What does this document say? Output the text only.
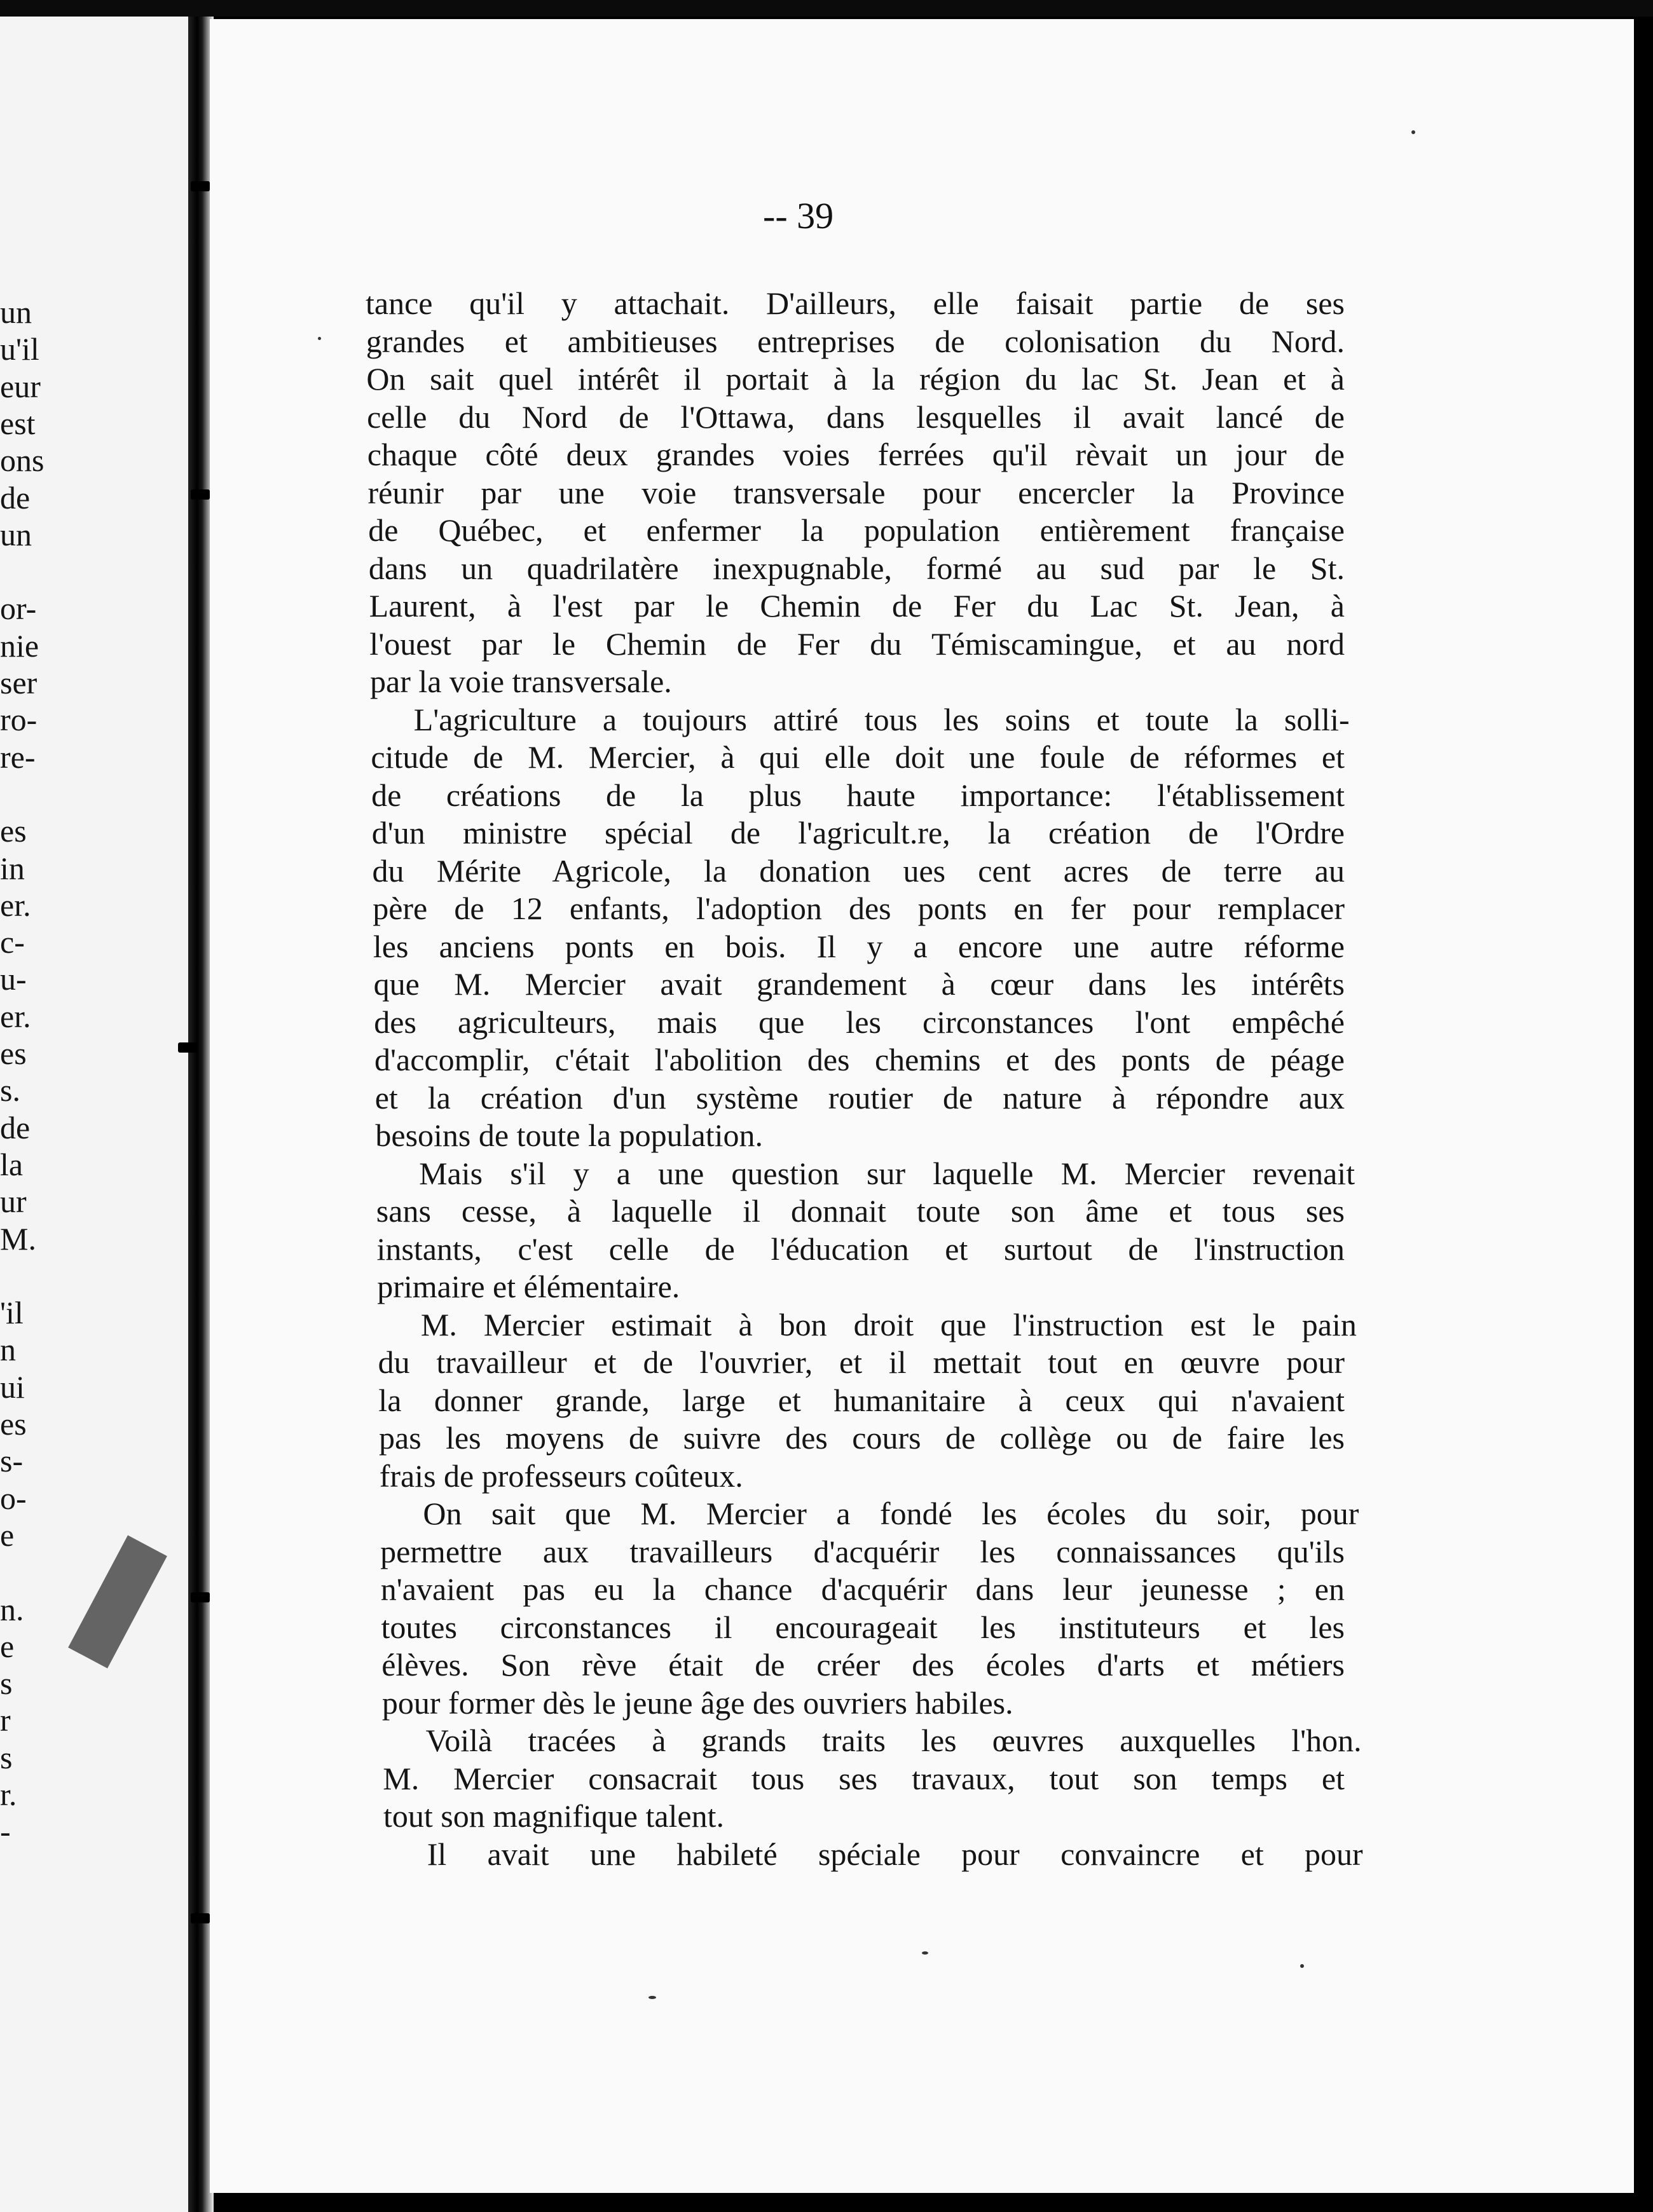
un
u'il
eur
est
ons
de
un
or-
nie
ser
ro-
re-
es
in
er.
c-
u-
er.
es
s.
de
la
ur
M.
'il
n
ui
es
s-
o-
e
n.
e
s
r
s
r.
-
-- 39
tance qu'il y attachait. D'ailleurs, elle faisait partie de ses
grandes et ambitieuses entreprises de colonisation du Nord.
On sait quel intérêt il portait à la région du lac St. Jean et à
celle du Nord de l'Ottawa, dans lesquelles il avait lancé de
chaque côté deux grandes voies ferrées qu'il rèvait un jour de
réunir par une voie transversale pour encercler la Province
de Québec, et enfermer la population entièrement française
dans un quadrilatère inexpugnable, formé au sud par le St.
Laurent, à l'est par le Chemin de Fer du Lac St. Jean, à
l'ouest par le Chemin de Fer du Témiscamingue, et au nord
par la voie transversale.
L'agriculture a toujours attiré tous les soins et toute la solli-
citude de M. Mercier, à qui elle doit une foule de réformes et
de créations de la plus haute importance: l'établissement
d'un ministre spécial de l'agricult.re, la création de l'Ordre
du Mérite Agricole, la donation ues cent acres de terre au
père de 12 enfants, l'adoption des ponts en fer pour remplacer
les anciens ponts en bois. Il y a encore une autre réforme
que M. Mercier avait grandement à cœur dans les intérêts
des agriculteurs, mais que les circonstances l'ont empêché
d'accomplir, c'était l'abolition des chemins et des ponts de péage
et la création d'un système routier de nature à répondre aux
besoins de toute la population.
Mais s'il y a une question sur laquelle M. Mercier revenait
sans cesse, à laquelle il donnait toute son âme et tous ses
instants, c'est celle de l'éducation et surtout de l'instruction
primaire et élémentaire.
M. Mercier estimait à bon droit que l'instruction est le pain
du travailleur et de l'ouvrier, et il mettait tout en œuvre pour
la donner grande, large et humanitaire à ceux qui n'avaient
pas les moyens de suivre des cours de collège ou de faire les
frais de professeurs coûteux.
On sait que M. Mercier a fondé les écoles du soir, pour
permettre aux travailleurs d'acquérir les connaissances qu'ils
n'avaient pas eu la chance d'acquérir dans leur jeunesse ; en
toutes circonstances il encourageait les instituteurs et les
élèves. Son rève était de créer des écoles d'arts et métiers
pour former dès le jeune âge des ouvriers habiles.
Voilà tracées à grands traits les œuvres auxquelles l'hon.
M. Mercier consacrait tous ses travaux, tout son temps et
tout son magnifique talent.
Il avait une habileté spéciale pour convaincre et pour
